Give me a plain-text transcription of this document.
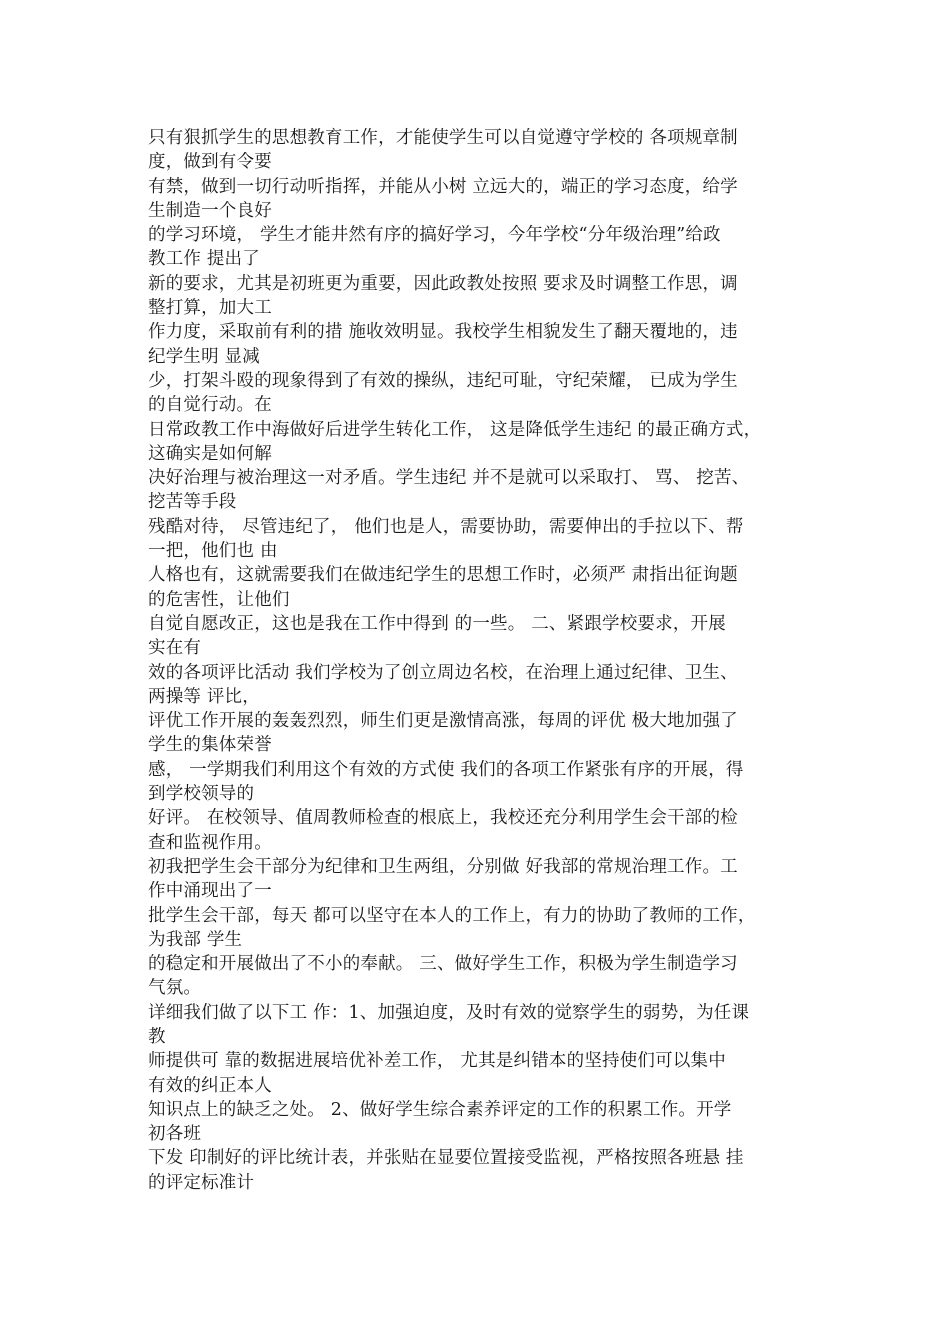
只有狠抓学生的思想教育工作，才能使学生可以自觉遵守学校的 各项规章制
度，做到有令要
有禁，做到一切行动听指挥，并能从小树 立远大的，端正的学习态度，给学
生制造一个良好
的学习环境， 学生才能井然有序的搞好学习，今年学校“分年级治理”给政
教工作 提出了
新的要求，尤其是初班更为重要，因此政教处按照 要求及时调整工作思，调
整打算，加大工
作力度，采取前有利的措 施收效明显。我校学生相貌发生了翻天覆地的，违
纪学生明 显减
少，打架斗殴的现象得到了有效的操纵，违纪可耻，守纪荣耀， 已成为学生
的自觉行动。在
日常政教工作中海做好后进学生转化工作， 这是降低学生违纪 的最正确方式，
这确实是如何解
决好治理与被治理这一对矛盾。学生违纪 并不是就可以采取打、 骂、 挖苦、
挖苦等手段
残酷对待， 尽管违纪了， 他们也是人，需要协助，需要伸出的手拉以下、帮
一把，他们也 由
人格也有，这就需要我们在做违纪学生的思想工作时，必须严 肃指出征询题
的危害性，让他们
自觉自愿改正，这也是我在工作中得到 的一些。 二、紧跟学校要求，开展
实在有
效的各项评比活动 我们学校为了创立周边名校，在治理上通过纪律、卫生、
两操等 评比，
评优工作开展的轰轰烈烈，师生们更是激情高涨，每周的评优 极大地加强了
学生的集体荣誉
感， 一学期我们利用这个有效的方式使 我们的各项工作紧张有序的开展，得
到学校领导的
好评。 在校领导、值周教师检查的根底上，我校还充分利用学生会干部的检
查和监视作用。
初我把学生会干部分为纪律和卫生两组，分别做 好我部的常规治理工作。工
作中涌现出了一
批学生会干部，每天 都可以坚守在本人的工作上，有力的协助了教师的工作，
为我部 学生
的稳定和开展做出了不小的奉献。 三、做好学生工作，积极为学生制造学习
气氛。
详细我们做了以下工 作：1、加强迫度，及时有效的觉察学生的弱势，为任课
教
师提供可 靠的数据进展培优补差工作， 尤其是纠错本的坚持使们可以集中
有效的纠正本人
知识点上的缺乏之处。 2、做好学生综合素养评定的工作的积累工作。开学
初各班
下发 印制好的评比统计表，并张贴在显要位置接受监视，严格按照各班悬 挂
的评定标准计
